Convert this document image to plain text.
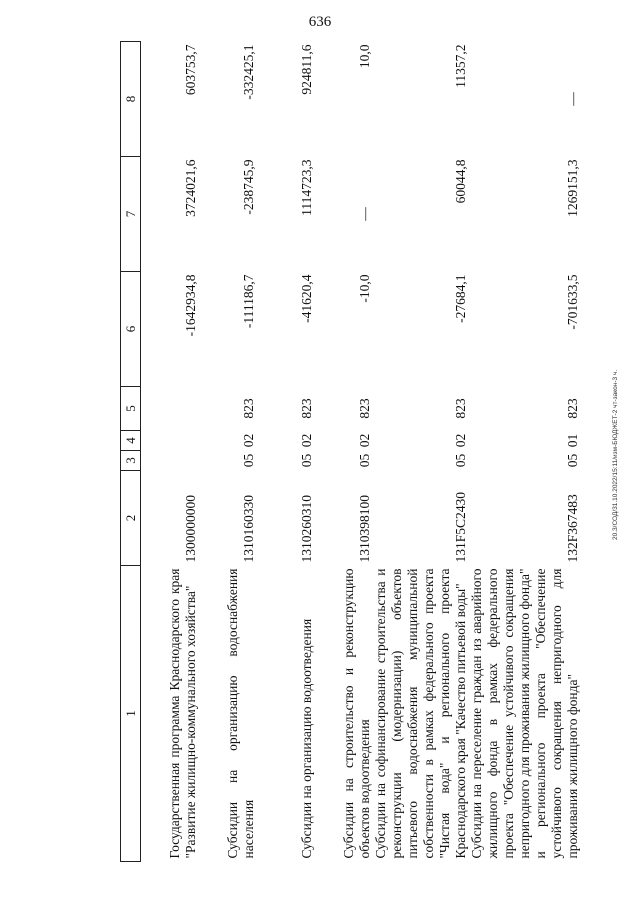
636
1	2	3	4	5	6	7	8

Государственная программа Краснодарского края "Развитие жилищно-коммунального хозяйства"	1300000000				-1642934,8	3724021,6	603753,7

Субсидии на организацию водоснабжения населения	1310160330	05	02	823	-111186,7	-238745,9	-332425,1

Субсидии на организацию водоотведения	1310260310	05	02	823	-41620,4	1114723,3	924811,6

Субсидии на строительство и реконструкцию объектов водоотведения	1310398100	05	02	823	-10,0	—	10,0

Субсидии на софинансирование строительства и реконструкции (модернизации) объектов питьевого водоснабжения муниципальной собственности в рамках федерального проекта "Чистая вода" и регионального проекта Краснодарского края "Качество питьевой воды"	131F5C2430	05	02	823	-27684,1	60044,8	11357,2

Субсидии на переселение граждан из аварийного жилищного фонда в рамках федерального проекта "Обеспечение устойчивого сокращения непригодного для проживания жилищного фонда" и регионального проекта "Обеспечение устойчивого сокращения непригодного для проживания жилищного фонда"	132F367483	05	01	823	-701633,5	1269151,3	—
20.3/СОД/31.10.2022/15:11/изм-БЮДЖЕТ-2 чт-закон-3 ч.
